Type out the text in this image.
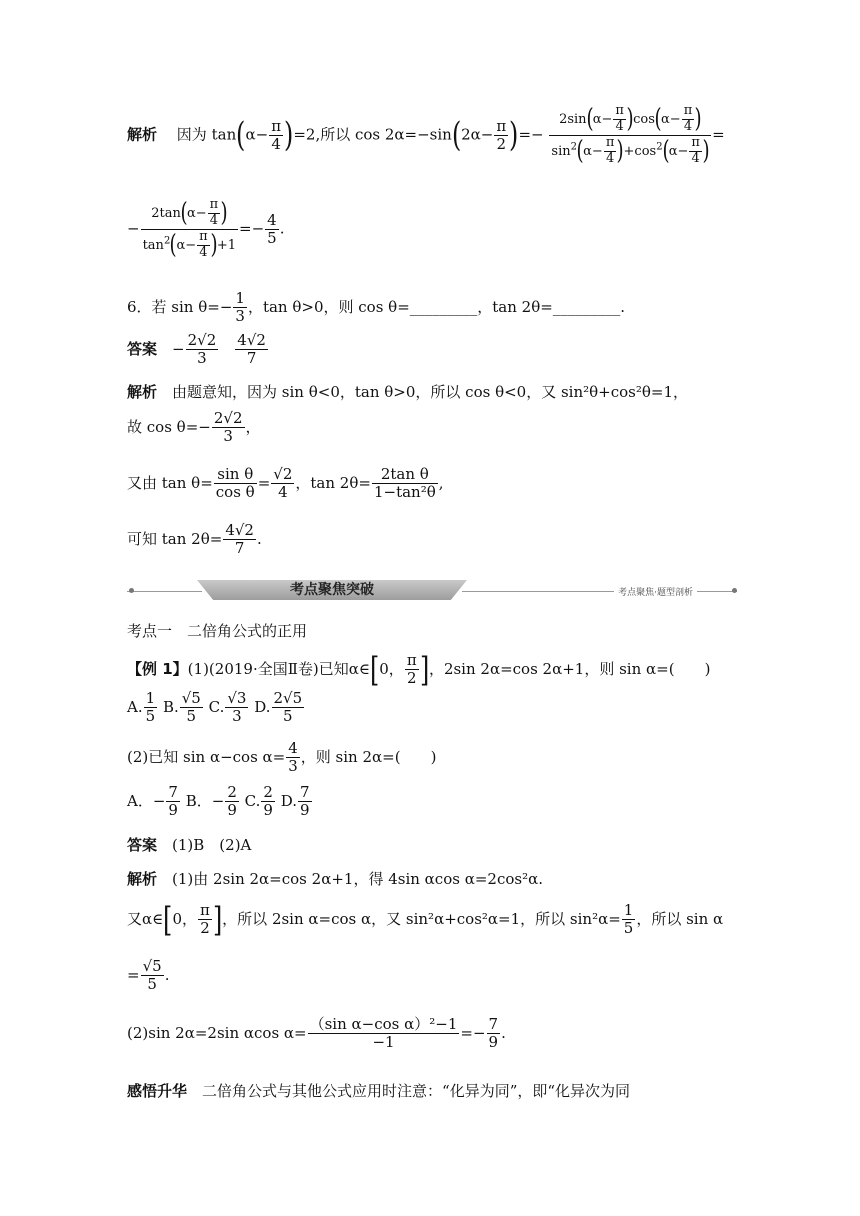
解析　 因为 $\tan(\alpha- \frac{\pi}{4} )=2$,所以 $\cos 2\alpha=-\sin(2\alpha- \frac{\pi}{2}$ )=− $\frac{2\sin(\alpha- \frac{\pi}{4} )\cos(\alpha- \frac{\pi}{4} )}{\sin^2(\alpha- \frac{\pi}{4} )+\cos^2(\alpha- \frac{\pi}{4} )}$ =
− $\frac{2\tan(\alpha- \frac{\pi}{4} )}{\tan^2(\alpha- \frac{\pi}{4} )+1} =- \frac{4}{5}$ .
6．若 $\sin \theta=- \frac{1}{3}$ ，tan θ>0，则 cos θ=_________，tan 2θ=_________.
答案　 − $\frac{2√2}{3}$
　 $\frac{4√2}{7}$
解析　 由题意知，因为 sin θ<0，tan θ>0，所以 cos θ<0，又 sin²θ+cos²θ=1，
故 $\cos \theta=- \frac{2√2}{3}$ ，
又由 $\tan \theta= \frac{\text{sin θ}}{\text{cos θ}} = \frac{√2}{4}$ ，$\tan 2\theta= \frac{\text{2tan θ}}{\text{1−tan²θ}}$ ,
可知 $\tan 2\theta= \frac{4√2}{7}$ .
考点聚焦突破	考点聚焦·题型剖析
考点一　二倍角公式的正用
【例 1】(1)(2019·全国Ⅱ卷)已知α∈[0， $\frac{\pi}{2}$ ]，2sin 2α=cos 2α+1，则 sin α=(　　)
A. $\frac{1}{5} B$. $\frac{√5}{5} C$. $\frac{√3}{3} D$. $\frac{2√5}{5}$
(2)已知 sin α−cos $\alpha= \frac{4}{3}$ ，则 sin 2α=(　　)
A．− $\frac{7}{9}$ B．− $\frac{2}{9} C$. $\frac{2}{9} D$. $\frac{7}{9}$
答案　 (1)B　(2)A
解析　 (1)由 2sin 2α=cos 2α+1，得 4sin αcos α=2cos²α.
又α∈[0， $\frac{\pi}{2}$ ]，所以 2sin α=cos α，又 sin²α+cos²α=1，所以 $\sin^2\alpha= \frac{1}{5}$ ，所以 sin α
= $\frac{√5}{5}$ .
(2)sin 2α=2sin αcos $\alpha= \frac{\text{（sin α−cos α）²−1}}{-1} =- \frac{7}{9}$ .
感悟升华　 二倍角公式与其他公式应用时注意：“化异为同”，即“化异次为同
